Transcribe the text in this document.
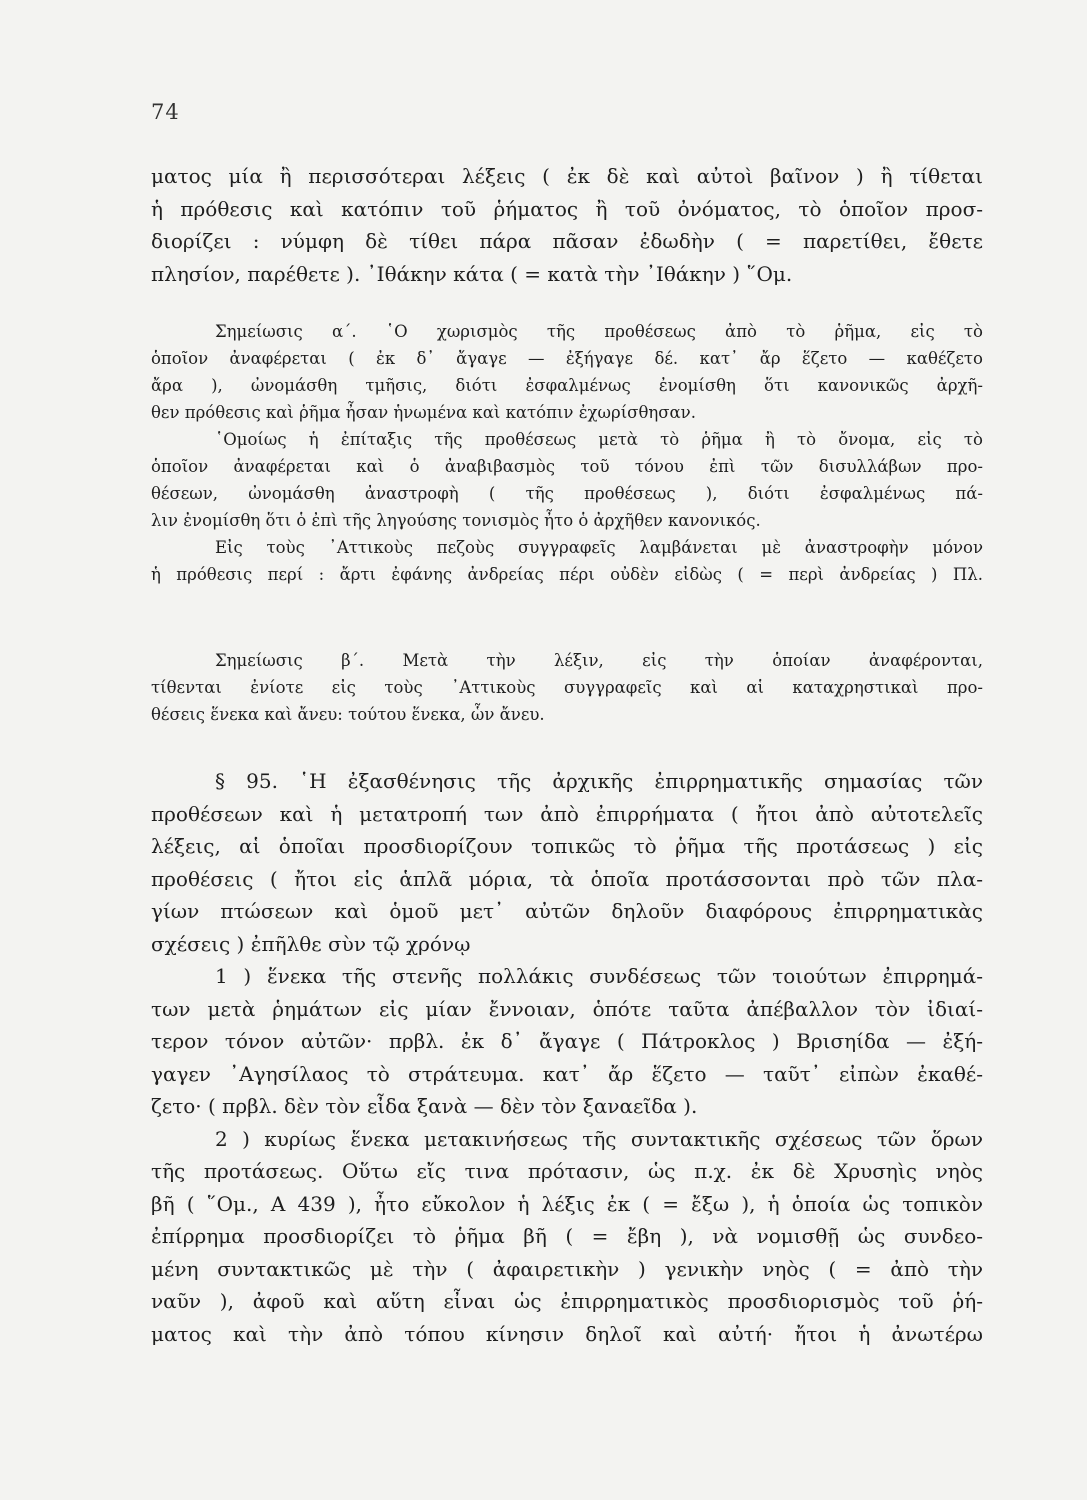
74
ματος μία ἢ περισσότεραι λέξεις ( ἐκ δὲ καὶ αὐτοὶ βαῖνον ) ἢ τίθεται
ἡ πρόθεσις καὶ κατόπιν τοῦ ῥήματος ἢ τοῦ ὀνόματος, τὸ ὁποῖον προσ-
διορίζει : νύμφη δὲ τίθει πάρα πᾶσαν ἐδωδὴν ( = παρετίθει, ἔθετε
πλησίον, παρέθετε ). ᾿Ιθάκην κάτα ( = κατὰ τὴν ᾿Ιθάκην ) ῞Ομ.
Σημείωσις α΄. ῾Ο χωρισμὸς τῆς προθέσεως ἀπὸ τὸ ῥῆμα, εἰς τὸ
ὁποῖον ἀναφέρεται ( ἐκ δ᾿ ἄγαγε — ἐξήγαγε δέ. κατ᾿ ἄρ ἕζετο — καθέζετο
ἄρα ), ὠνομάσθη τμῆσις, διότι ἐσφαλμένως ἐνομίσθη ὅτι κανονικῶς ἀρχῆ-
θεν πρόθεσις καὶ ῥῆμα ἦσαν ἡνωμένα καὶ κατόπιν ἐχωρίσθησαν.
῾Ομοίως ἡ ἐπίταξις τῆς προθέσεως μετὰ τὸ ῥῆμα ἢ τὸ ὄνομα, εἰς τὸ
ὁποῖον ἀναφέρεται καὶ ὁ ἀναβιβασμὸς τοῦ τόνου ἐπὶ τῶν δισυλλάβων προ-
θέσεων, ὠνομάσθη ἀναστροφὴ ( τῆς προθέσεως ), διότι ἐσφαλμένως πά-
λιν ἐνομίσθη ὅτι ὁ ἐπὶ τῆς ληγούσης τονισμὸς ἦτο ὁ ἀρχῆθεν κανονικός.
Εἰς τοὺς ᾿Αττικοὺς πεζοὺς συγγραφεῖς λαμβάνεται μὲ ἀναστροφὴν μόνον
ἡ πρόθεσις περί : ἄρτι ἐφάνης ἀνδρείας πέρι οὐδὲν εἰδὼς ( = περὶ ἀνδρείας ) Πλ.
Σημείωσις β΄. Μετὰ τὴν λέξιν, εἰς τὴν ὁποίαν ἀναφέρονται,
τίθενται ἐνίοτε εἰς τοὺς ᾿Αττικοὺς συγγραφεῖς καὶ αἱ καταχρηστικαὶ προ-
θέσεις ἕνεκα καὶ ἄνευ: τούτου ἕνεκα, ὧν ἄνευ.
§ 95. ῾Η ἐξασθένησις τῆς ἀρχικῆς ἐπιρρηματικῆς σημασίας τῶν
προθέσεων καὶ ἡ μετατροπή των ἀπὸ ἐπιρρήματα ( ἤτοι ἀπὸ αὐτοτελεῖς
λέξεις, αἱ ὁποῖαι προσδιορίζουν τοπικῶς τὸ ῥῆμα τῆς προτάσεως ) εἰς
προθέσεις ( ἤτοι εἰς ἁπλᾶ μόρια, τὰ ὁποῖα προτάσσονται πρὸ τῶν πλα-
γίων πτώσεων καὶ ὁμοῦ μετ᾿ αὐτῶν δηλοῦν διαφόρους ἐπιρρηματικὰς
σχέσεις ) ἐπῆλθε σὺν τῷ χρόνῳ
1 ) ἕνεκα τῆς στενῆς πολλάκις συνδέσεως τῶν τοιούτων ἐπιρρημά-
των μετὰ ῥημάτων εἰς μίαν ἔννοιαν, ὁπότε ταῦτα ἀπέβαλλον τὸν ἰδιαί-
τερον τόνον αὐτῶν· πρβλ. ἐκ δ᾿ ἄγαγε ( Πάτροκλος ) Βρισηίδα — ἐξή-
γαγεν ᾿Αγησίλαος τὸ στράτευμα. κατ᾿ ἄρ ἕζετο — ταῦτ᾿ εἰπὼν ἐκαθέ-
ζετο· ( πρβλ. δὲν τὸν εἶδα ξανὰ — δὲν τὸν ξαναεῖδα ).
2 ) κυρίως ἕνεκα μετακινήσεως τῆς συντακτικῆς σχέσεως τῶν ὅρων
τῆς προτάσεως. Οὕτω εἴς τινα πρότασιν, ὡς π.χ. ἐκ δὲ Χρυσηὶς νηὸς
βῆ ( ῞Ομ., Α 439 ), ἦτο εὔκολον ἡ λέξις ἐκ ( = ἔξω ), ἡ ὁποία ὡς τοπικὸν
ἐπίρρημα προσδιορίζει τὸ ῥῆμα βῆ ( = ἔβη ), νὰ νομισθῇ ὡς συνδεο-
μένη συντακτικῶς μὲ τὴν ( ἀφαιρετικὴν ) γενικὴν νηὸς ( = ἀπὸ τὴν
ναῦν ), ἀφοῦ καὶ αὕτη εἶναι ὡς ἐπιρρηματικὸς προσδιορισμὸς τοῦ ῥή-
ματος καὶ τὴν ἀπὸ τόπου κίνησιν δηλοῖ καὶ αὐτή· ἤτοι ἡ ἀνωτέρω
